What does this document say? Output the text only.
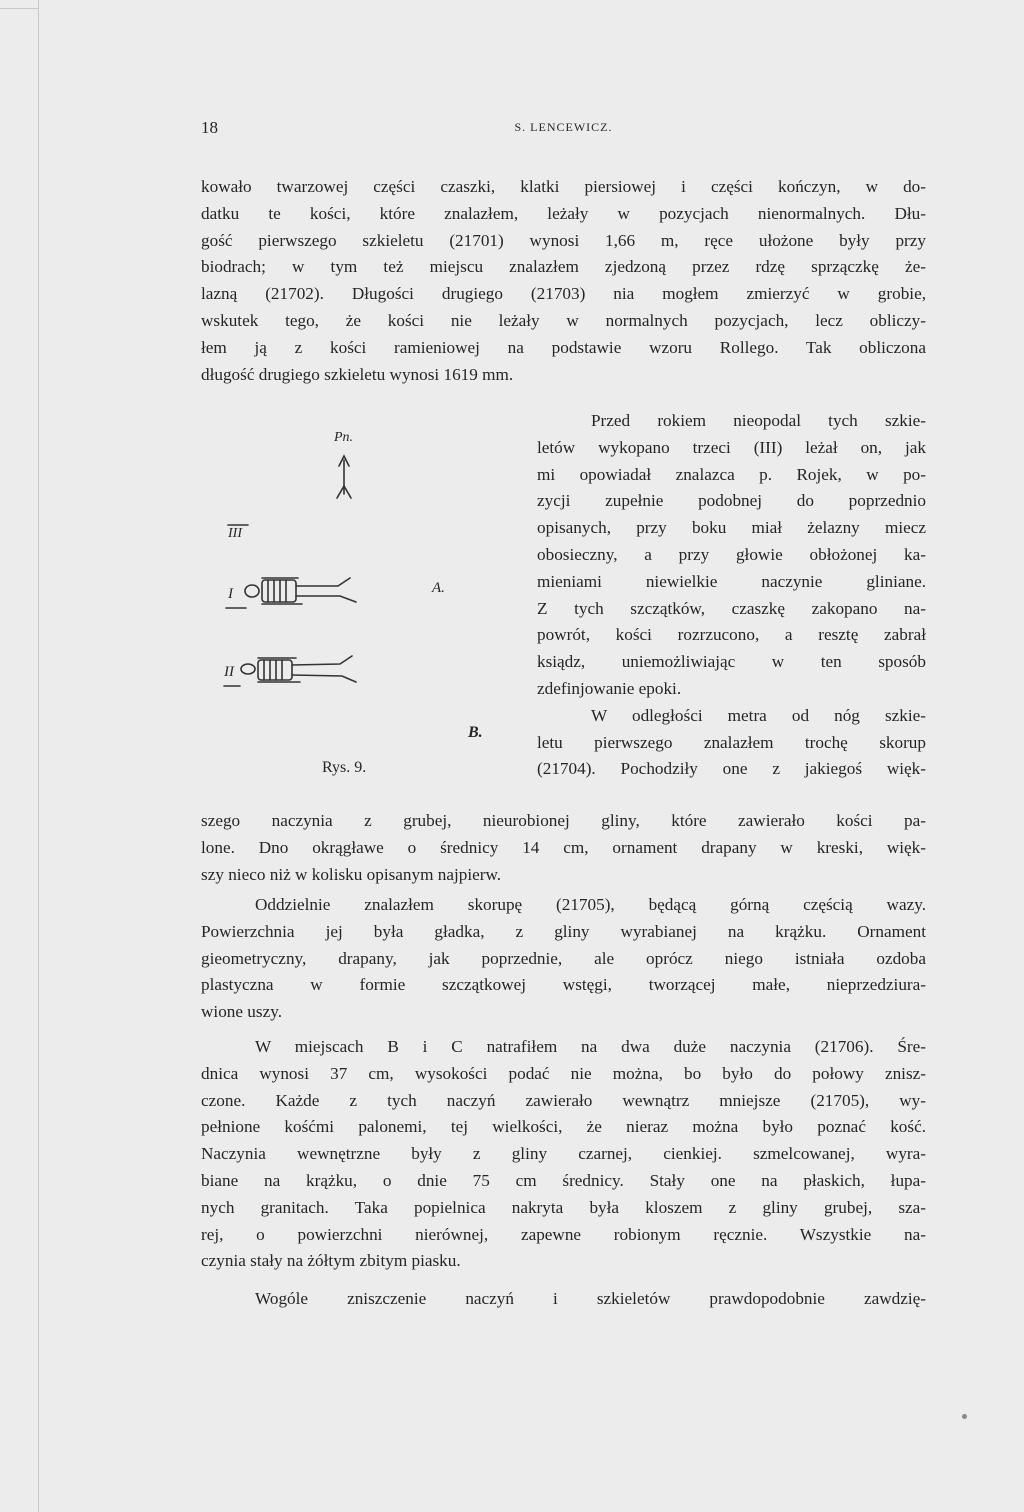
18	S. LENCEWICZ.
kowało twarzowej części czaszki, klatki piersiowej i części kończyn, w do-
datku te kości, które znalazłem, leżały w pozycjach nienormalnych. Dłu-
gość pierwszego szkieletu (21701) wynosi 1,66 m, ręce ułożone były przy
biodrach; w tym też miejscu znalazłem zjedzoną przez rdzę sprzączkę że-
lazną (21702). Długości drugiego (21703) nia mogłem zmierzyć w grobie,
wskutek tego, że kości nie leżały w normalnych pozycjach, lecz obliczy-
łem ją z kości ramieniowej na podstawie wzoru Rollego. Tak obliczona
długość drugiego szkieletu wynosi 1619 mm.
Przed rokiem nieopodal tych szkie-
letów wykopano trzeci (III) leżał on, jak
mi opowiadał znalazca p. Rojek, w po-
zycji zupełnie podobnej do poprzednio
opisanych, przy boku miał żelazny miecz
obosieczny, a przy głowie obłożonej ka-
mieniami niewielkie naczynie gliniane.
Z tych szczątków, czaszkę zakopano na-
powrót, kości rozrzucono, a resztę zabrał
ksiądz, uniemożliwiając w ten sposób
zdefinjowanie epoki.
W odległości metra od nóg szkie-
letu pierwszego znalazłem trochę skorup
(21704). Pochodziły one z jakiegoś więk-
Pn.
III
I
II
A.
B.
Rys. 9.
szego naczynia z grubej, nieurobionej gliny, które zawierało kości pa-
lone. Dno okrągławe o średnicy 14 cm, ornament drapany w kreski, więk-
szy nieco niż w kolisku opisanym najpierw.
Oddzielnie znalazłem skorupę (21705), będącą górną częścią wazy.
Powierzchnia jej była gładka, z gliny wyrabianej na krążku. Ornament
gieometryczny, drapany, jak poprzednie, ale oprócz niego istniała ozdoba
plastyczna w formie szczątkowej wstęgi, tworzącej małe, nieprzedziura-
wione uszy.
W miejscach B i C natrafiłem na dwa duże naczynia (21706). Śre-
dnica wynosi 37 cm, wysokości podać nie można, bo było do połowy znisz-
czone. Każde z tych naczyń zawierało wewnątrz mniejsze (21705), wy-
pełnione kośćmi palonemi, tej wielkości, że nieraz można było poznać kość.
Naczynia wewnętrzne były z gliny czarnej, cienkiej. szmelcowanej, wyra-
biane na krążku, o dnie 75 cm średnicy. Stały one na płaskich, łupa-
nych granitach. Taka popielnica nakryta była kloszem z gliny grubej, sza-
rej, o powierzchni nierównej, zapewne robionym ręcznie. Wszystkie na-
czynia stały na żółtym zbitym piasku.
Wogóle zniszczenie naczyń i szkieletów prawdopodobnie zawdzię-
